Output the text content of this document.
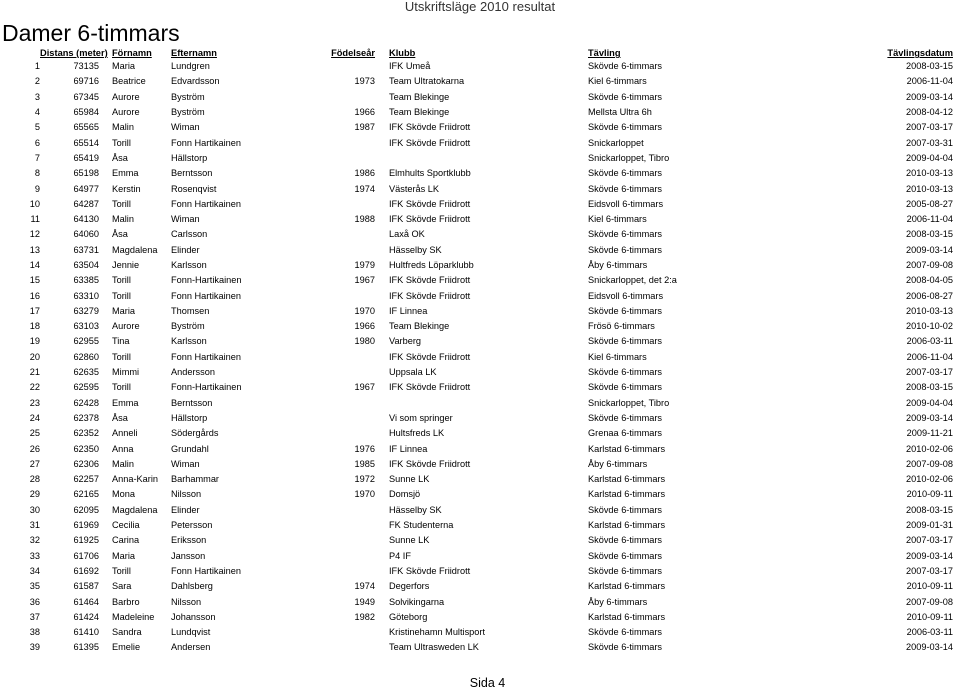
Utskriftsläge 2010 resultat
Damer 6-timmars
	Distans (meter)	Förnamn	Efternamn	Födelseår	Klubb	Tävling	Tävlingsdatum
1	73135	Maria	Lundgren		IFK Umeå	Skövde 6-timmars	2008-03-15
2	69716	Beatrice	Edvardsson	1973	Team Ultratokarna	Kiel 6-timmars	2006-11-04
3	67345	Aurore	Byström		Team Blekinge	Skövde 6-timmars	2009-03-14
4	65984	Aurore	Byström	1966	Team Blekinge	Mellsta Ultra 6h	2008-04-12
5	65565	Malin	Wiman	1987	IFK Skövde Friidrott	Skövde 6-timmars	2007-03-17
6	65514	Torill	Fonn Hartikainen		IFK Skövde Friidrott	Snickarloppet	2007-03-31
7	65419	Åsa	Hällstorp			Snickarloppet, Tibro	2009-04-04
8	65198	Emma	Berntsson	1986	Elmhults Sportklubb	Skövde 6-timmars	2010-03-13
9	64977	Kerstin	Rosenqvist	1974	Västerås LK	Skövde 6-timmars	2010-03-13
10	64287	Torill	Fonn Hartikainen		IFK Skövde Friidrott	Eidsvoll 6-timmars	2005-08-27
11	64130	Malin	Wiman	1988	IFK Skövde Friidrott	Kiel 6-timmars	2006-11-04
12	64060	Åsa	Carlsson		Laxå OK	Skövde 6-timmars	2008-03-15
13	63731	Magdalena	Elinder		Hässelby SK	Skövde 6-timmars	2009-03-14
14	63504	Jennie	Karlsson	1979	Hultfreds Löparklubb	Åby 6-timmars	2007-09-08
15	63385	Torill	Fonn-Hartikainen	1967	IFK Skövde Friidrott	Snickarloppet, det 2:a	2008-04-05
16	63310	Torill	Fonn Hartikainen		IFK Skövde Friidrott	Eidsvoll 6-timmars	2006-08-27
17	63279	Maria	Thomsen	1970	IF Linnea	Skövde 6-timmars	2010-03-13
18	63103	Aurore	Byström	1966	Team Blekinge	Frösö 6-timmars	2010-10-02
19	62955	Tina	Karlsson	1980	Varberg	Skövde 6-timmars	2006-03-11
20	62860	Torill	Fonn Hartikainen		IFK Skövde Friidrott	Kiel 6-timmars	2006-11-04
21	62635	Mimmi	Andersson		Uppsala LK	Skövde 6-timmars	2007-03-17
22	62595	Torill	Fonn-Hartikainen	1967	IFK Skövde Friidrott	Skövde 6-timmars	2008-03-15
23	62428	Emma	Berntsson			Snickarloppet, Tibro	2009-04-04
24	62378	Åsa	Hällstorp		Vi som springer	Skövde 6-timmars	2009-03-14
25	62352	Anneli	Södergårds		Hultsfreds LK	Grenaa 6-timmars	2009-11-21
26	62350	Anna	Grundahl	1976	IF Linnea	Karlstad 6-timmars	2010-02-06
27	62306	Malin	Wiman	1985	IFK Skövde Friidrott	Åby 6-timmars	2007-09-08
28	62257	Anna-Karin	Barhammar	1972	Sunne LK	Karlstad 6-timmars	2010-02-06
29	62165	Mona	Nilsson	1970	Domsjö	Karlstad 6-timmars	2010-09-11
30	62095	Magdalena	Elinder		Hässelby SK	Skövde 6-timmars	2008-03-15
31	61969	Cecilia	Petersson		FK Studenterna	Karlstad 6-timmars	2009-01-31
32	61925	Carina	Eriksson		Sunne LK	Skövde 6-timmars	2007-03-17
33	61706	Maria	Jansson		P4 IF	Skövde 6-timmars	2009-03-14
34	61692	Torill	Fonn Hartikainen		IFK Skövde Friidrott	Skövde 6-timmars	2007-03-17
35	61587	Sara	Dahlsberg	1974	Degerfors	Karlstad 6-timmars	2010-09-11
36	61464	Barbro	Nilsson	1949	Solvikingarna	Åby 6-timmars	2007-09-08
37	61424	Madeleine	Johansson	1982	Göteborg	Karlstad 6-timmars	2010-09-11
38	61410	Sandra	Lundqvist		Kristinehamn Multisport	Skövde 6-timmars	2006-03-11
39	61395	Emelie	Andersen		Team Ultrasweden LK	Skövde 6-timmars	2009-03-14
Sida 4
